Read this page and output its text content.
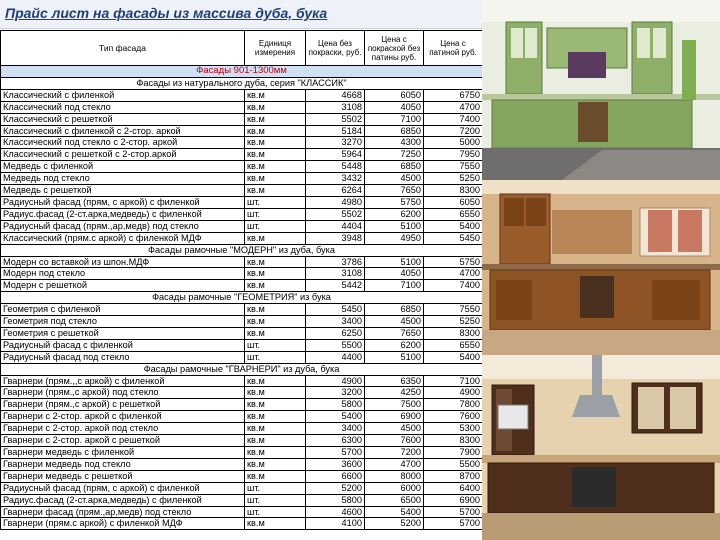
Прайс лист на фасады из массива дуба, бука
Тип фасада	Единиця измерения	Цена без покраски, руб.	Цена с покраской без патины руб.	Цена с патиной руб.
Фасады 901-1300мм				
Фасады из натурального дуба, серия "КЛАССИК"				
Классический с филенкой	кв.м	4668	6050	6750
Классический под стекло	кв.м	3108	4050	4700
Классический с решеткой	кв.м	5502	7100	7400
Классический с филенкой с 2-стор. аркой	кв.м	5184	6850	7200
Классический под стекло с 2-стор. аркой	кв.м	3270	4300	5000
Классический с решеткой с 2-стор.аркой	кв.м	5964	7250	7950
Медведь с филенкой	кв.м	5448	6850	7550
Медведь под стекло	кв.м	3432	4500	5250
Медведь с решеткой	кв.м	6264	7650	8300
Радиусный фасад (прям, с аркой) с филенкой	шт.	4980	5750	6050
Радиус.фасад (2-ст.арка,медведь) с филенкой	шт.	5502	6200	6550
Радиусный фасад (прям.,ар,медв) под стекло	шт.	4404	5100	5400
Классический (прям.с аркой) с филенкой МДФ	кв.м	3948	4950	5450
Фасады рамочные "МОДЕРН" из дуба, бука				
Модерн со вставкой из шпон.МДФ	кв.м	3786	5100	5750
Модерн под стекло	кв.м	3108	4050	4700
Модерн с решеткой	кв.м	5442	7100	7400
Фасады рамочные "ГЕОМЕТРИЯ" из бука				
Геометрия с филенкой	кв.м	5450	6850	7550
Геометрия под стекло	кв.м	3400	4500	5250
Геометрия с решеткой	кв.м	6250	7650	8300
Радиусный фасад с филенкой	шт.	5500	6200	6550
Радиусный фасад под стекло	шт.	4400	5100	5400
Фасады рамочные "ГВАРНЕРИ" из дуба, бука				
Гварнери (прям.,,с аркой) с филенкой	кв.м	4900	6350	7100
Гварнери (прям.,с аркой) под стекло	кв.м	3200	4250	4900
Гварнери (прям.,с аркой) с решеткой	кв.м	5800	7500	7800
Гварнери с 2-стор. аркой с филенкой	кв.м	5400	6900	7600
Гварнери с 2-стор. аркой под стекло	кв.м	3400	4500	5300
Гварнери с 2-стор. аркой с решеткой	кв.м	6300	7600	8300
Гварнери медведь с филенкой	кв.м	5700	7200	7900
Гварнери медведь под стекло	кв.м	3600	4700	5500
Гварнери медведь с решеткой	кв.м	6600	8000	8700
Радиусный фасад (прям, с аркой) с филенкой	шт.	5200	6000	6400
Радиус.фасад (2-ст.арка,медведь) с филенкой	шт.	5800	6500	6900
Гварнери фасад (прям.,ар,медв) под стекло	шт.	4600	5400	5700
Гварнери (прям.с аркой) с филенкой МДФ	кв.м	4100	5200	5700
